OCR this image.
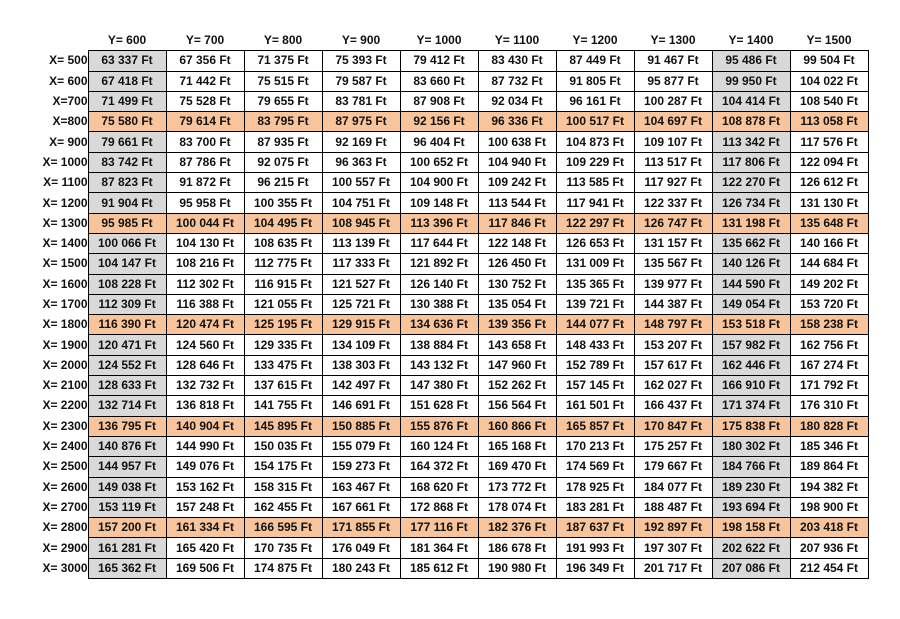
	Y= 600	Y= 700	Y= 800	Y= 900	Y= 1000	Y= 1100	Y= 1200	Y= 1300	Y= 1400	Y= 1500
X= 500	63 337 Ft	67 356 Ft	71 375 Ft	75 393 Ft	79 412 Ft	83 430 Ft	87 449 Ft	91 467 Ft	95 486 Ft	99 504 Ft
X= 600	67 418 Ft	71 442 Ft	75 515 Ft	79 587 Ft	83 660 Ft	87 732 Ft	91 805 Ft	95 877 Ft	99 950 Ft	104 022 Ft
X=700	71 499 Ft	75 528 Ft	79 655 Ft	83 781 Ft	87 908 Ft	92 034 Ft	96 161 Ft	100 287 Ft	104 414 Ft	108 540 Ft
X=800	75 580 Ft	79 614 Ft	83 795 Ft	87 975 Ft	92 156 Ft	96 336 Ft	100 517 Ft	104 697 Ft	108 878 Ft	113 058 Ft
X= 900	79 661 Ft	83 700 Ft	87 935 Ft	92 169 Ft	96 404 Ft	100 638 Ft	104 873 Ft	109 107 Ft	113 342 Ft	117 576 Ft
X= 1000	83 742 Ft	87 786 Ft	92 075 Ft	96 363 Ft	100 652 Ft	104 940 Ft	109 229 Ft	113 517 Ft	117 806 Ft	122 094 Ft
X= 1100	87 823 Ft	91 872 Ft	96 215 Ft	100 557 Ft	104 900 Ft	109 242 Ft	113 585 Ft	117 927 Ft	122 270 Ft	126 612 Ft
X= 1200	91 904 Ft	95 958 Ft	100 355 Ft	104 751 Ft	109 148 Ft	113 544 Ft	117 941 Ft	122 337 Ft	126 734 Ft	131 130 Ft
X= 1300	95 985 Ft	100 044 Ft	104 495 Ft	108 945 Ft	113 396 Ft	117 846 Ft	122 297 Ft	126 747 Ft	131 198 Ft	135 648 Ft
X= 1400	100 066 Ft	104 130 Ft	108 635 Ft	113 139 Ft	117 644 Ft	122 148 Ft	126 653 Ft	131 157 Ft	135 662 Ft	140 166 Ft
X= 1500	104 147 Ft	108 216 Ft	112 775 Ft	117 333 Ft	121 892 Ft	126 450 Ft	131 009 Ft	135 567 Ft	140 126 Ft	144 684 Ft
X= 1600	108 228 Ft	112 302 Ft	116 915 Ft	121 527 Ft	126 140 Ft	130 752 Ft	135 365 Ft	139 977 Ft	144 590 Ft	149 202 Ft
X= 1700	112 309 Ft	116 388 Ft	121 055 Ft	125 721 Ft	130 388 Ft	135 054 Ft	139 721 Ft	144 387 Ft	149 054 Ft	153 720 Ft
X= 1800	116 390 Ft	120 474 Ft	125 195 Ft	129 915 Ft	134 636 Ft	139 356 Ft	144 077 Ft	148 797 Ft	153 518 Ft	158 238 Ft
X= 1900	120 471 Ft	124 560 Ft	129 335 Ft	134 109 Ft	138 884 Ft	143 658 Ft	148 433 Ft	153 207 Ft	157 982 Ft	162 756 Ft
X= 2000	124 552 Ft	128 646 Ft	133 475 Ft	138 303 Ft	143 132 Ft	147 960 Ft	152 789 Ft	157 617 Ft	162 446 Ft	167 274 Ft
X= 2100	128 633 Ft	132 732 Ft	137 615 Ft	142 497 Ft	147 380 Ft	152 262 Ft	157 145 Ft	162 027 Ft	166 910 Ft	171 792 Ft
X= 2200	132 714 Ft	136 818 Ft	141 755 Ft	146 691 Ft	151 628 Ft	156 564 Ft	161 501 Ft	166 437 Ft	171 374 Ft	176 310 Ft
X= 2300	136 795 Ft	140 904 Ft	145 895 Ft	150 885 Ft	155 876 Ft	160 866 Ft	165 857 Ft	170 847 Ft	175 838 Ft	180 828 Ft
X= 2400	140 876 Ft	144 990 Ft	150 035 Ft	155 079 Ft	160 124 Ft	165 168 Ft	170 213 Ft	175 257 Ft	180 302 Ft	185 346 Ft
X= 2500	144 957 Ft	149 076 Ft	154 175 Ft	159 273 Ft	164 372 Ft	169 470 Ft	174 569 Ft	179 667 Ft	184 766 Ft	189 864 Ft
X= 2600	149 038 Ft	153 162 Ft	158 315 Ft	163 467 Ft	168 620 Ft	173 772 Ft	178 925 Ft	184 077 Ft	189 230 Ft	194 382 Ft
X= 2700	153 119 Ft	157 248 Ft	162 455 Ft	167 661 Ft	172 868 Ft	178 074 Ft	183 281 Ft	188 487 Ft	193 694 Ft	198 900 Ft
X= 2800	157 200 Ft	161 334 Ft	166 595 Ft	171 855 Ft	177 116 Ft	182 376 Ft	187 637 Ft	192 897 Ft	198 158 Ft	203 418 Ft
X= 2900	161 281 Ft	165 420 Ft	170 735 Ft	176 049 Ft	181 364 Ft	186 678 Ft	191 993 Ft	197 307 Ft	202 622 Ft	207 936 Ft
X= 3000	165 362 Ft	169 506 Ft	174 875 Ft	180 243 Ft	185 612 Ft	190 980 Ft	196 349 Ft	201 717 Ft	207 086 Ft	212 454 Ft
